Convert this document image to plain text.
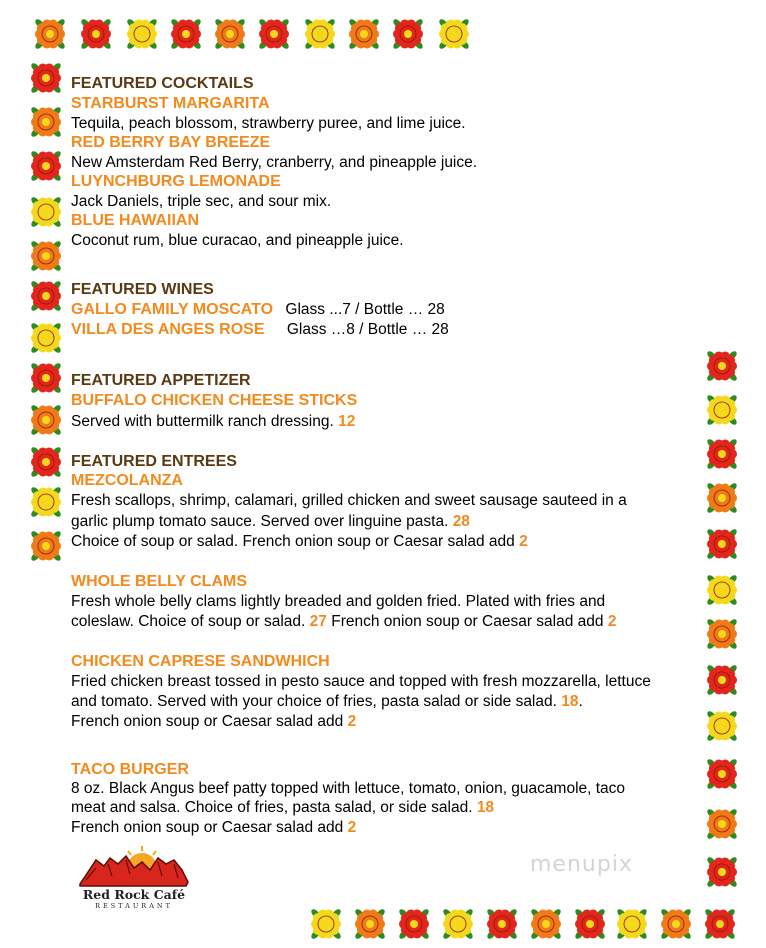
FEATURED COCKTAILS
STARBURST MARGARITA
Tequila, peach blossom, strawberry puree, and lime juice.
RED BERRY BAY BREEZE
New Amsterdam Red Berry, cranberry, and pineapple juice.
LUYNCHBURG LEMONADE
Jack Daniels, triple sec, and sour mix.
BLUE HAWAIIAN
Coconut rum, blue curacao, and pineapple juice.
FEATURED WINES
GALLO FAMILY MOSCATO Glass ...7 / Bottle … 28
VILLA DES ANGES ROSE Glass …8 / Bottle … 28
FEATURED APPETIZER
BUFFALO CHICKEN CHEESE STICKS
Served with buttermilk ranch dressing. 12
FEATURED ENTREES
MEZCOLANZA
Fresh scallops, shrimp, calamari, grilled chicken and sweet sausage sauteed in a
garlic plump tomato sauce. Served over linguine pasta. 28
Choice of soup or salad. French onion soup or Caesar salad add 2
WHOLE BELLY CLAMS
Fresh whole belly clams lightly breaded and golden fried. Plated with fries and
coleslaw. Choice of soup or salad. 27 French onion soup or Caesar salad add 2
CHICKEN CAPRESE SANDWHICH
Fried chicken breast tossed in pesto sauce and topped with fresh mozzarella, lettuce
and tomato. Served with your choice of fries, pasta salad or side salad. 18.
French onion soup or Caesar salad add 2
TACO BURGER
8 oz. Black Angus beef patty topped with lettuce, tomato, onion, guacamole, taco
meat and salsa. Choice of fries, pasta salad, or side salad. 18
French onion soup or Caesar salad add 2
Red Rock Café
RESTAURANT
menupix
